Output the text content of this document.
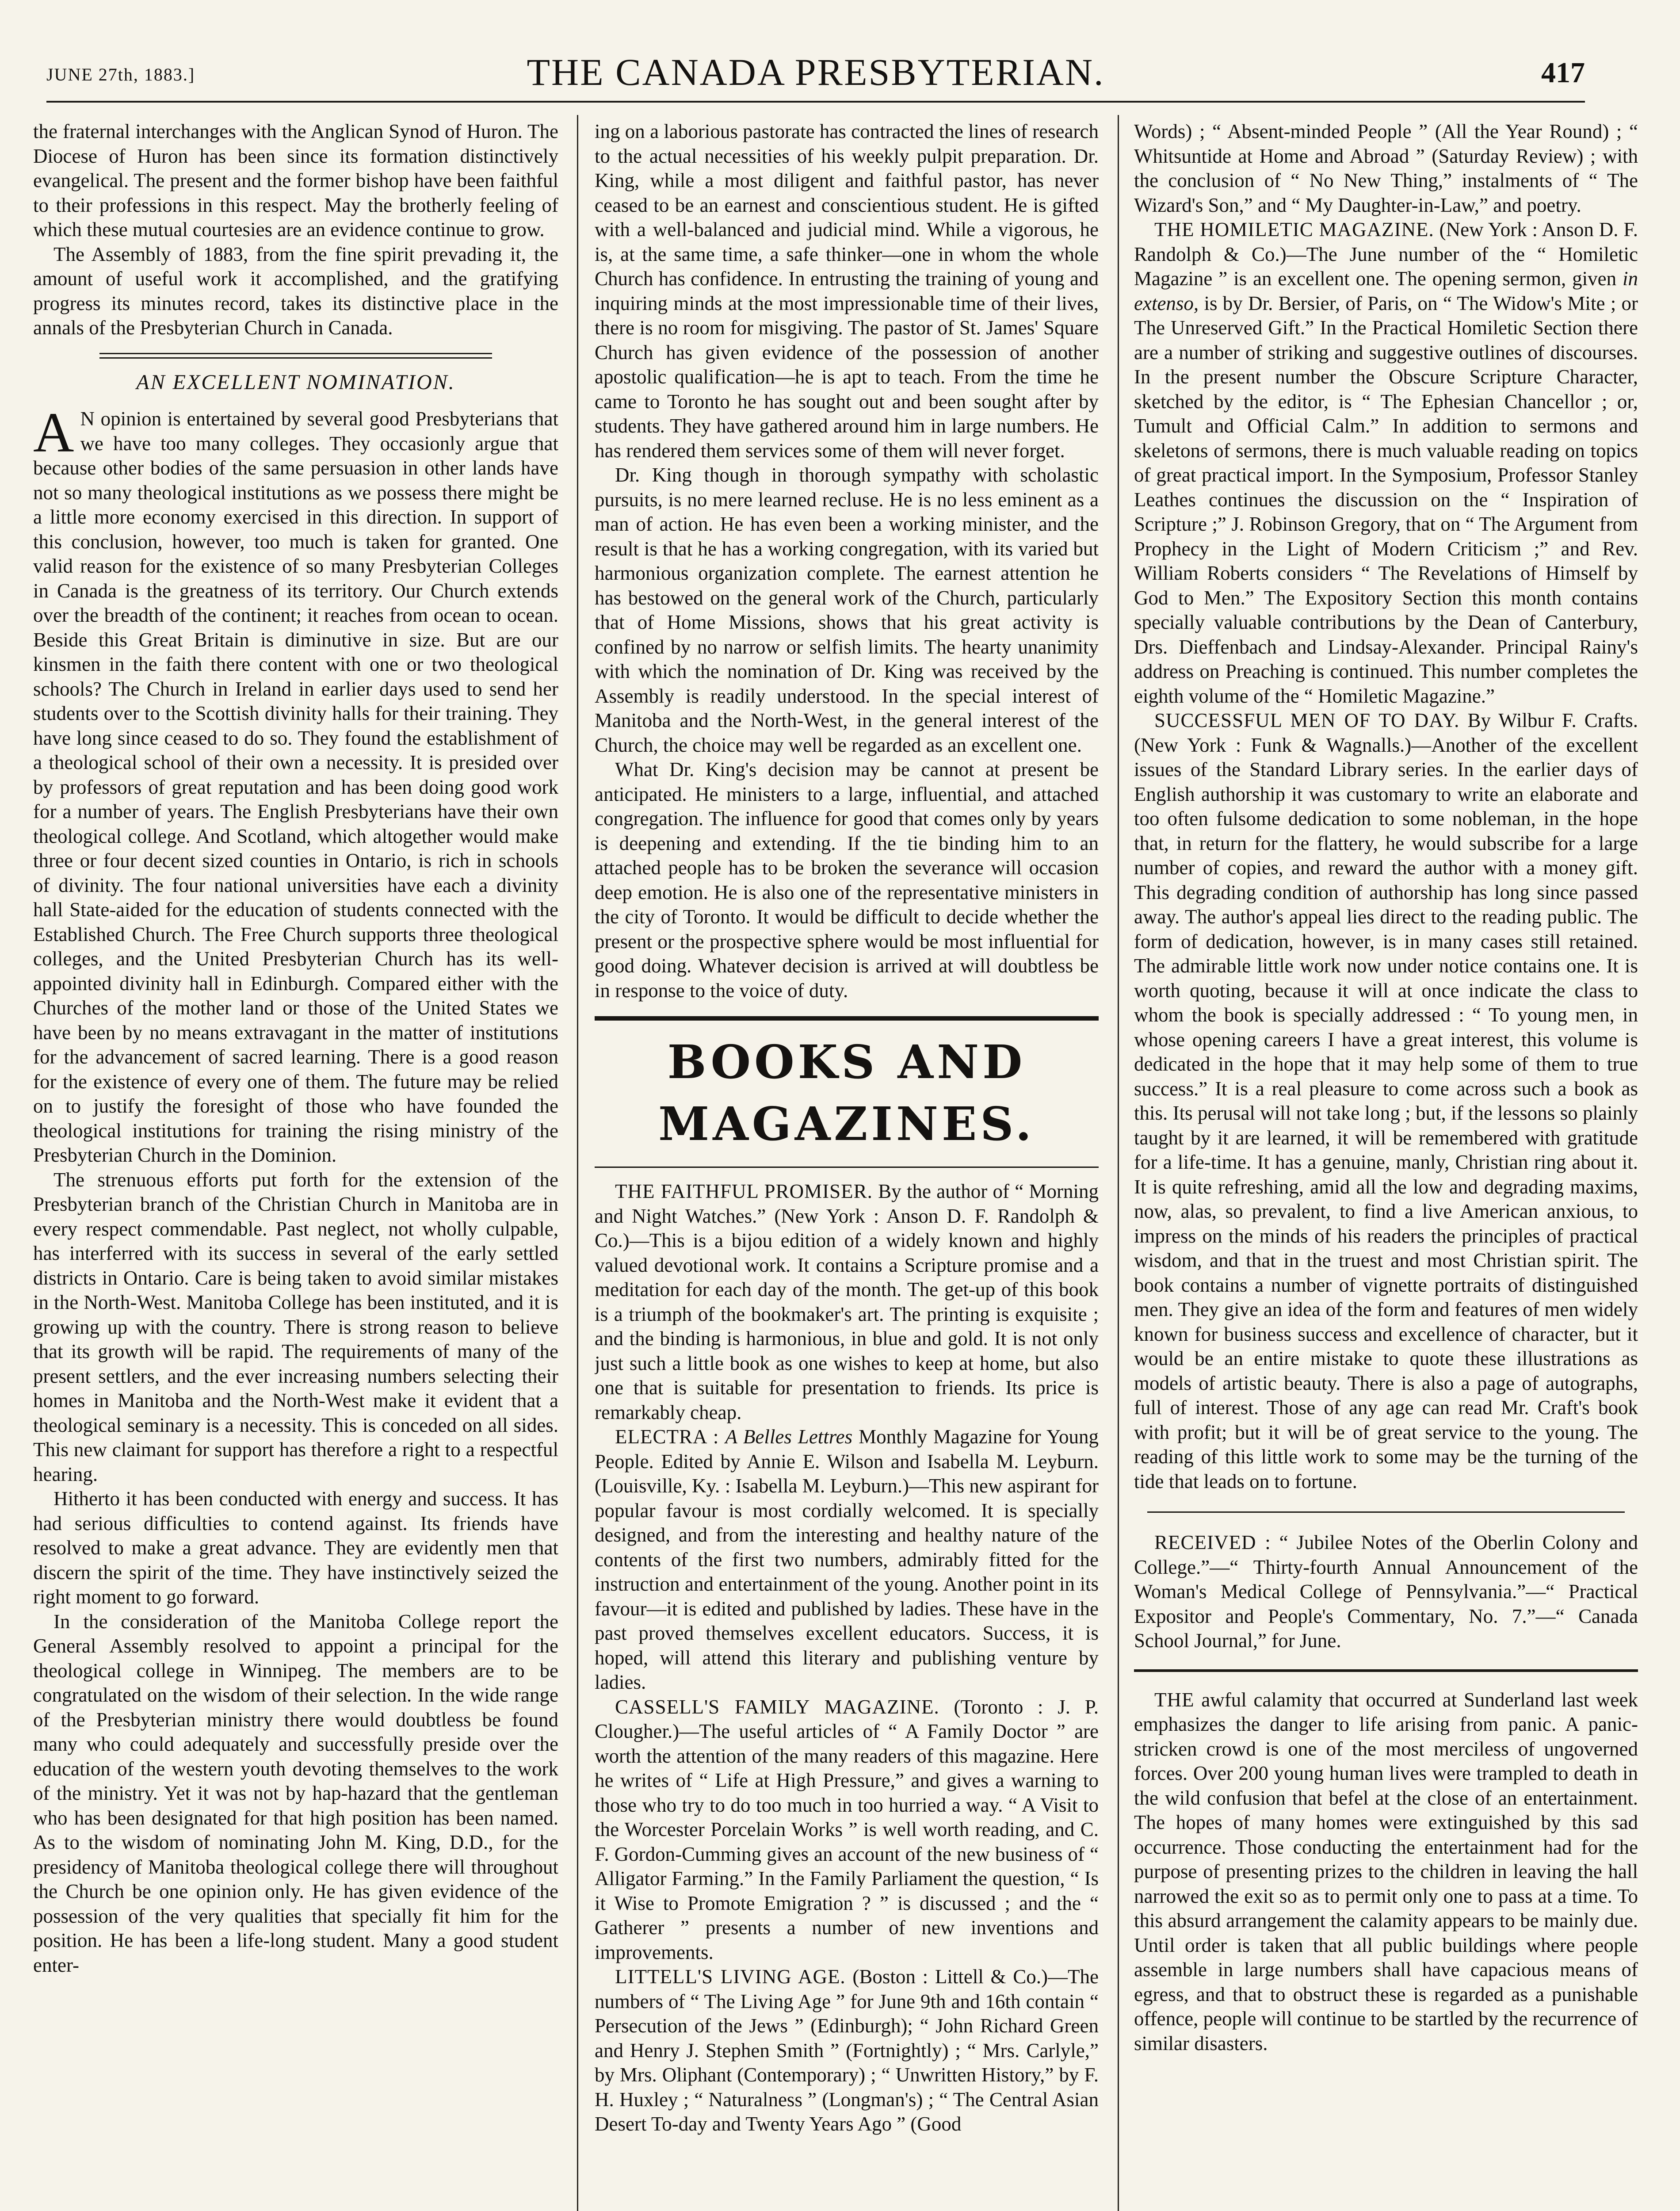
JUNE 27th, 1883.]	THE CANADA PRESBYTERIAN.	417

the fraternal interchanges with the Anglican Synod of Huron. The Diocese of Huron has been since its formation distinctively evangelical. The present and the former bishop have been faithful to their professions in this respect. May the brotherly feeling of which these mutual courtesies are an evidence continue to grow.

The Assembly of 1883, from the fine spirit prevading it, the amount of useful work it accomplished, and the gratifying progress its minutes record, takes its distinctive place in the annals of the Presbyterian Church in Canada.

AN EXCELLENT NOMINATION.

AN opinion is entertained by several good Presbyterians that we have too many colleges. They occasionly argue that because other bodies of the same persuasion in other lands have not so many theological institutions as we possess there might be a little more economy exercised in this direction. In support of this conclusion, however, too much is taken for granted. One valid reason for the existence of so many Presbyterian Colleges in Canada is the greatness of its territory. Our Church extends over the breadth of the continent; it reaches from ocean to ocean. Beside this Great Britain is diminutive in size. But are our kinsmen in the faith there content with one or two theological schools? The Church in Ireland in earlier days used to send her students over to the Scottish divinity halls for their training. They have long since ceased to do so. They found the establishment of a theological school of their own a necessity. It is presided over by professors of great reputation and has been doing good work for a number of years. The English Presbyterians have their own theological college. And Scotland, which altogether would make three or four decent sized counties in Ontario, is rich in schools of divinity. The four national universities have each a divinity hall State-aided for the education of students connected with the Established Church. The Free Church supports three theological colleges, and the United Presbyterian Church has its well-appointed divinity hall in Edinburgh. Compared either with the Churches of the mother land or those of the United States we have been by no means extravagant in the matter of institutions for the advancement of sacred learning. There is a good reason for the existence of every one of them. The future may be relied on to justify the foresight of those who have founded the theological institutions for training the rising ministry of the Presbyterian Church in the Dominion.

The strenuous efforts put forth for the extension of the Presbyterian branch of the Christian Church in Manitoba are in every respect commendable. Past neglect, not wholly culpable, has interferred with its success in several of the early settled districts in Ontario. Care is being taken to avoid similar mistakes in the North-West. Manitoba College has been instituted, and it is growing up with the country. There is strong reason to believe that its growth will be rapid. The requirements of many of the present settlers, and the ever increasing numbers selecting their homes in Manitoba and the North-West make it evident that a theological seminary is a necessity. This is conceded on all sides. This new claimant for support has therefore a right to a respectful hearing.

Hitherto it has been conducted with energy and success. It has had serious difficulties to contend against. Its friends have resolved to make a great advance. They are evidently men that discern the spirit of the time. They have instinctively seized the right moment to go forward.

In the consideration of the Manitoba College report the General Assembly resolved to appoint a principal for the theological college in Winnipeg. The members are to be congratulated on the wisdom of their selection. In the wide range of the Presbyterian ministry there would doubtless be found many who could adequately and successfully preside over the education of the western youth devoting themselves to the work of the ministry. Yet it was not by hap-hazard that the gentleman who has been designated for that high position has been named. As to the wisdom of nominating John M. King, D.D., for the presidency of Manitoba theological college there will throughout the Church be one opinion only. He has given evidence of the possession of the very qualities that specially fit him for the position. He has been a life-long student. Many a good student enter-

ing on a laborious pastorate has contracted the lines of research to the actual necessities of his weekly pulpit preparation. Dr. King, while a most diligent and faithful pastor, has never ceased to be an earnest and conscientious student. He is gifted with a well-balanced and judicial mind. While a vigorous, he is, at the same time, a safe thinker—one in whom the whole Church has confidence. In entrusting the training of young and inquiring minds at the most impressionable time of their lives, there is no room for misgiving. The pastor of St. James' Square Church has given evidence of the possession of another apostolic qualification—he is apt to teach. From the time he came to Toronto he has sought out and been sought after by students. They have gathered around him in large numbers. He has rendered them services some of them will never forget.

Dr. King though in thorough sympathy with scholastic pursuits, is no mere learned recluse. He is no less eminent as a man of action. He has even been a working minister, and the result is that he has a working congregation, with its varied but harmonious organization complete. The earnest attention he has bestowed on the general work of the Church, particularly that of Home Missions, shows that his great activity is confined by no narrow or selfish limits. The hearty unanimity with which the nomination of Dr. King was received by the Assembly is readily understood. In the special interest of Manitoba and the North-West, in the general interest of the Church, the choice may well be regarded as an excellent one.

What Dr. King's decision may be cannot at present be anticipated. He ministers to a large, influential, and attached congregation. The influence for good that comes only by years is deepening and extending. If the tie binding him to an attached people has to be broken the severance will occasion deep emotion. He is also one of the representative ministers in the city of Toronto. It would be difficult to decide whether the present or the prospective sphere would be most influential for good doing. Whatever decision is arrived at will doubtless be in response to the voice of duty.

BOOKS AND MAGAZINES.

THE FAITHFUL PROMISER. By the author of “ Morning and Night Watches.” (New York : Anson D. F. Randolph & Co.)—This is a bijou edition of a widely known and highly valued devotional work. It contains a Scripture promise and a meditation for each day of the month. The get-up of this book is a triumph of the bookmaker's art. The printing is exquisite ; and the binding is harmonious, in blue and gold. It is not only just such a little book as one wishes to keep at home, but also one that is suitable for presentation to friends. Its price is remarkably cheap.

ELECTRA : A Belles Lettres Monthly Magazine for Young People. Edited by Annie E. Wilson and Isabella M. Leyburn. (Louisville, Ky. : Isabella M. Leyburn.)—This new aspirant for popular favour is most cordially welcomed. It is specially designed, and from the interesting and healthy nature of the contents of the first two numbers, admirably fitted for the instruction and entertainment of the young. Another point in its favour—it is edited and published by ladies. These have in the past proved themselves excellent educators. Success, it is hoped, will attend this literary and publishing venture by ladies.

CASSELL'S FAMILY MAGAZINE. (Toronto : J. P. Clougher.)—The useful articles of “ A Family Doctor ” are worth the attention of the many readers of this magazine. Here he writes of “ Life at High Pressure,” and gives a warning to those who try to do too much in too hurried a way. “ A Visit to the Worcester Porcelain Works ” is well worth reading, and C. F. Gordon-Cumming gives an account of the new business of “ Alligator Farming.” In the Family Parliament the question, “ Is it Wise to Promote Emigration ? ” is discussed ; and the “ Gatherer ” presents a number of new inventions and improvements.

LITTELL'S LIVING AGE. (Boston : Littell & Co.)—The numbers of “ The Living Age ” for June 9th and 16th contain “ Persecution of the Jews ” (Edinburgh); “ John Richard Green and Henry J. Stephen Smith ” (Fortnightly) ; “ Mrs. Carlyle,” by Mrs. Oliphant (Contemporary) ; “ Unwritten History,” by F. H. Huxley ; “ Naturalness ” (Longman's) ; “ The Central Asian Desert To-day and Twenty Years Ago ” (Good

Words) ; “ Absent-minded People ” (All the Year Round) ; “ Whitsuntide at Home and Abroad ” (Saturday Review) ; with the conclusion of “ No New Thing,” instalments of “ The Wizard's Son,” and “ My Daughter-in-Law,” and poetry.

THE HOMILETIC MAGAZINE. (New York : Anson D. F. Randolph & Co.)—The June number of the “ Homiletic Magazine ” is an excellent one. The opening sermon, given in extenso, is by Dr. Bersier, of Paris, on “ The Widow's Mite ; or The Unreserved Gift.” In the Practical Homiletic Section there are a number of striking and suggestive outlines of discourses. In the present number the Obscure Scripture Character, sketched by the editor, is “ The Ephesian Chancellor ; or, Tumult and Official Calm.” In addition to sermons and skeletons of sermons, there is much valuable reading on topics of great practical import. In the Symposium, Professor Stanley Leathes continues the discussion on the “ Inspiration of Scripture ;” J. Robinson Gregory, that on “ The Argument from Prophecy in the Light of Modern Criticism ;” and Rev. William Roberts considers “ The Revelations of Himself by God to Men.” The Expository Section this month contains specially valuable contributions by the Dean of Canterbury, Drs. Dieffenbach and Lindsay-Alexander. Principal Rainy's address on Preaching is continued. This number completes the eighth volume of the “ Homiletic Magazine.”

SUCCESSFUL MEN OF TO DAY. By Wilbur F. Crafts. (New York : Funk & Wagnalls.)—Another of the excellent issues of the Standard Library series. In the earlier days of English authorship it was customary to write an elaborate and too often fulsome dedication to some nobleman, in the hope that, in return for the flattery, he would subscribe for a large number of copies, and reward the author with a money gift. This degrading condition of authorship has long since passed away. The author's appeal lies direct to the reading public. The form of dedication, however, is in many cases still retained. The admirable little work now under notice contains one. It is worth quoting, because it will at once indicate the class to whom the book is specially addressed : “ To young men, in whose opening careers I have a great interest, this volume is dedicated in the hope that it may help some of them to true success.” It is a real pleasure to come across such a book as this. Its perusal will not take long ; but, if the lessons so plainly taught by it are learned, it will be remembered with gratitude for a life-time. It has a genuine, manly, Christian ring about it. It is quite refreshing, amid all the low and degrading maxims, now, alas, so prevalent, to find a live American anxious, to impress on the minds of his readers the principles of practical wisdom, and that in the truest and most Christian spirit. The book contains a number of vignette portraits of distinguished men. They give an idea of the form and features of men widely known for business success and excellence of character, but it would be an entire mistake to quote these illustrations as models of artistic beauty. There is also a page of autographs, full of interest. Those of any age can read Mr. Craft's book with profit; but it will be of great service to the young. The reading of this little work to some may be the turning of the tide that leads on to fortune.

RECEIVED : “ Jubilee Notes of the Oberlin Colony and College.”—“ Thirty-fourth Annual Announcement of the Woman's Medical College of Pennsylvania.”—“ Practical Expositor and People's Commentary, No. 7.”—“ Canada School Journal,” for June.

THE awful calamity that occurred at Sunderland last week emphasizes the danger to life arising from panic. A panic-stricken crowd is one of the most merciless of ungoverned forces. Over 200 young human lives were trampled to death in the wild confusion that befel at the close of an entertainment. The hopes of many homes were extinguished by this sad occurrence. Those conducting the entertainment had for the purpose of presenting prizes to the children in leaving the hall narrowed the exit so as to permit only one to pass at a time. To this absurd arrangement the calamity appears to be mainly due. Until order is taken that all public buildings where people assemble in large numbers shall have capacious means of egress, and that to obstruct these is regarded as a punishable offence, people will continue to be startled by the recurrence of similar disasters.
